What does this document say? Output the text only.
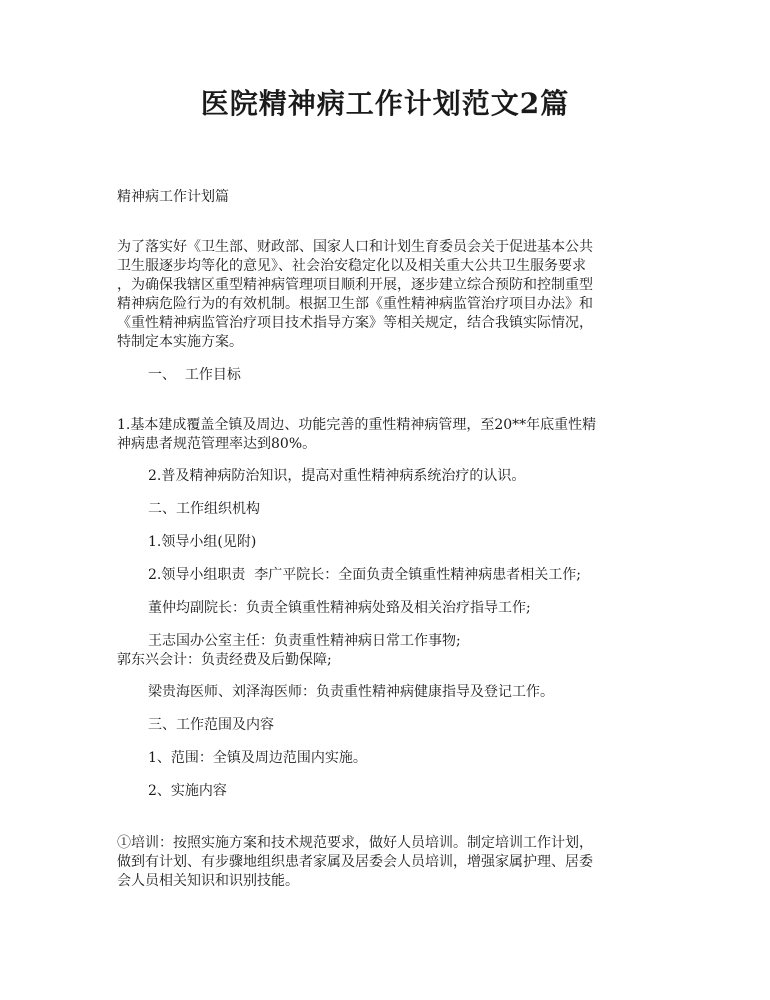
医院精神病工作计划范文2篇

精神病工作计划篇

为了落实好《卫生部、财政部、国家人口和计划生育委员会关于促进基本公共

卫生服逐步均等化的意见》、社会治安稳定化以及相关重大公共卫生服务要求

，为确保我辖区重型精神病管理项目顺利开展，逐步建立综合预防和控制重型

精神病危险行为的有效机制。根据卫生部《重性精神病监管治疗项目办法》和

《重性精神病监管治疗项目技术指导方案》等相关规定，结合我镇实际情况，

特制定本实施方案。

一、  工作目标

1.基本建成覆盖全镇及周边、功能完善的重性精神病管理，至20**年底重性精

神病患者规范管理率达到80%。

2.普及精神病防治知识，提高对重性精神病系统治疗的认识。

二、工作组织机构

1.领导小组(见附)

2.领导小组职责  李广平院长：全面负责全镇重性精神病患者相关工作;

董仲均副院长：负责全镇重性精神病处臵及相关治疗指导工作;

王志国办公室主任：负责重性精神病日常工作事物;

郭东兴会计：负责经费及后勤保障;

梁贵海医师、刘泽海医师：负责重性精神病健康指导及登记工作。

三、工作范围及内容

1、范围：全镇及周边范围内实施。

2、实施内容

①培训：按照实施方案和技术规范要求，做好人员培训。制定培训工作计划，

做到有计划、有步骤地组织患者家属及居委会人员培训，增强家属护理、居委

会人员相关知识和识别技能。
